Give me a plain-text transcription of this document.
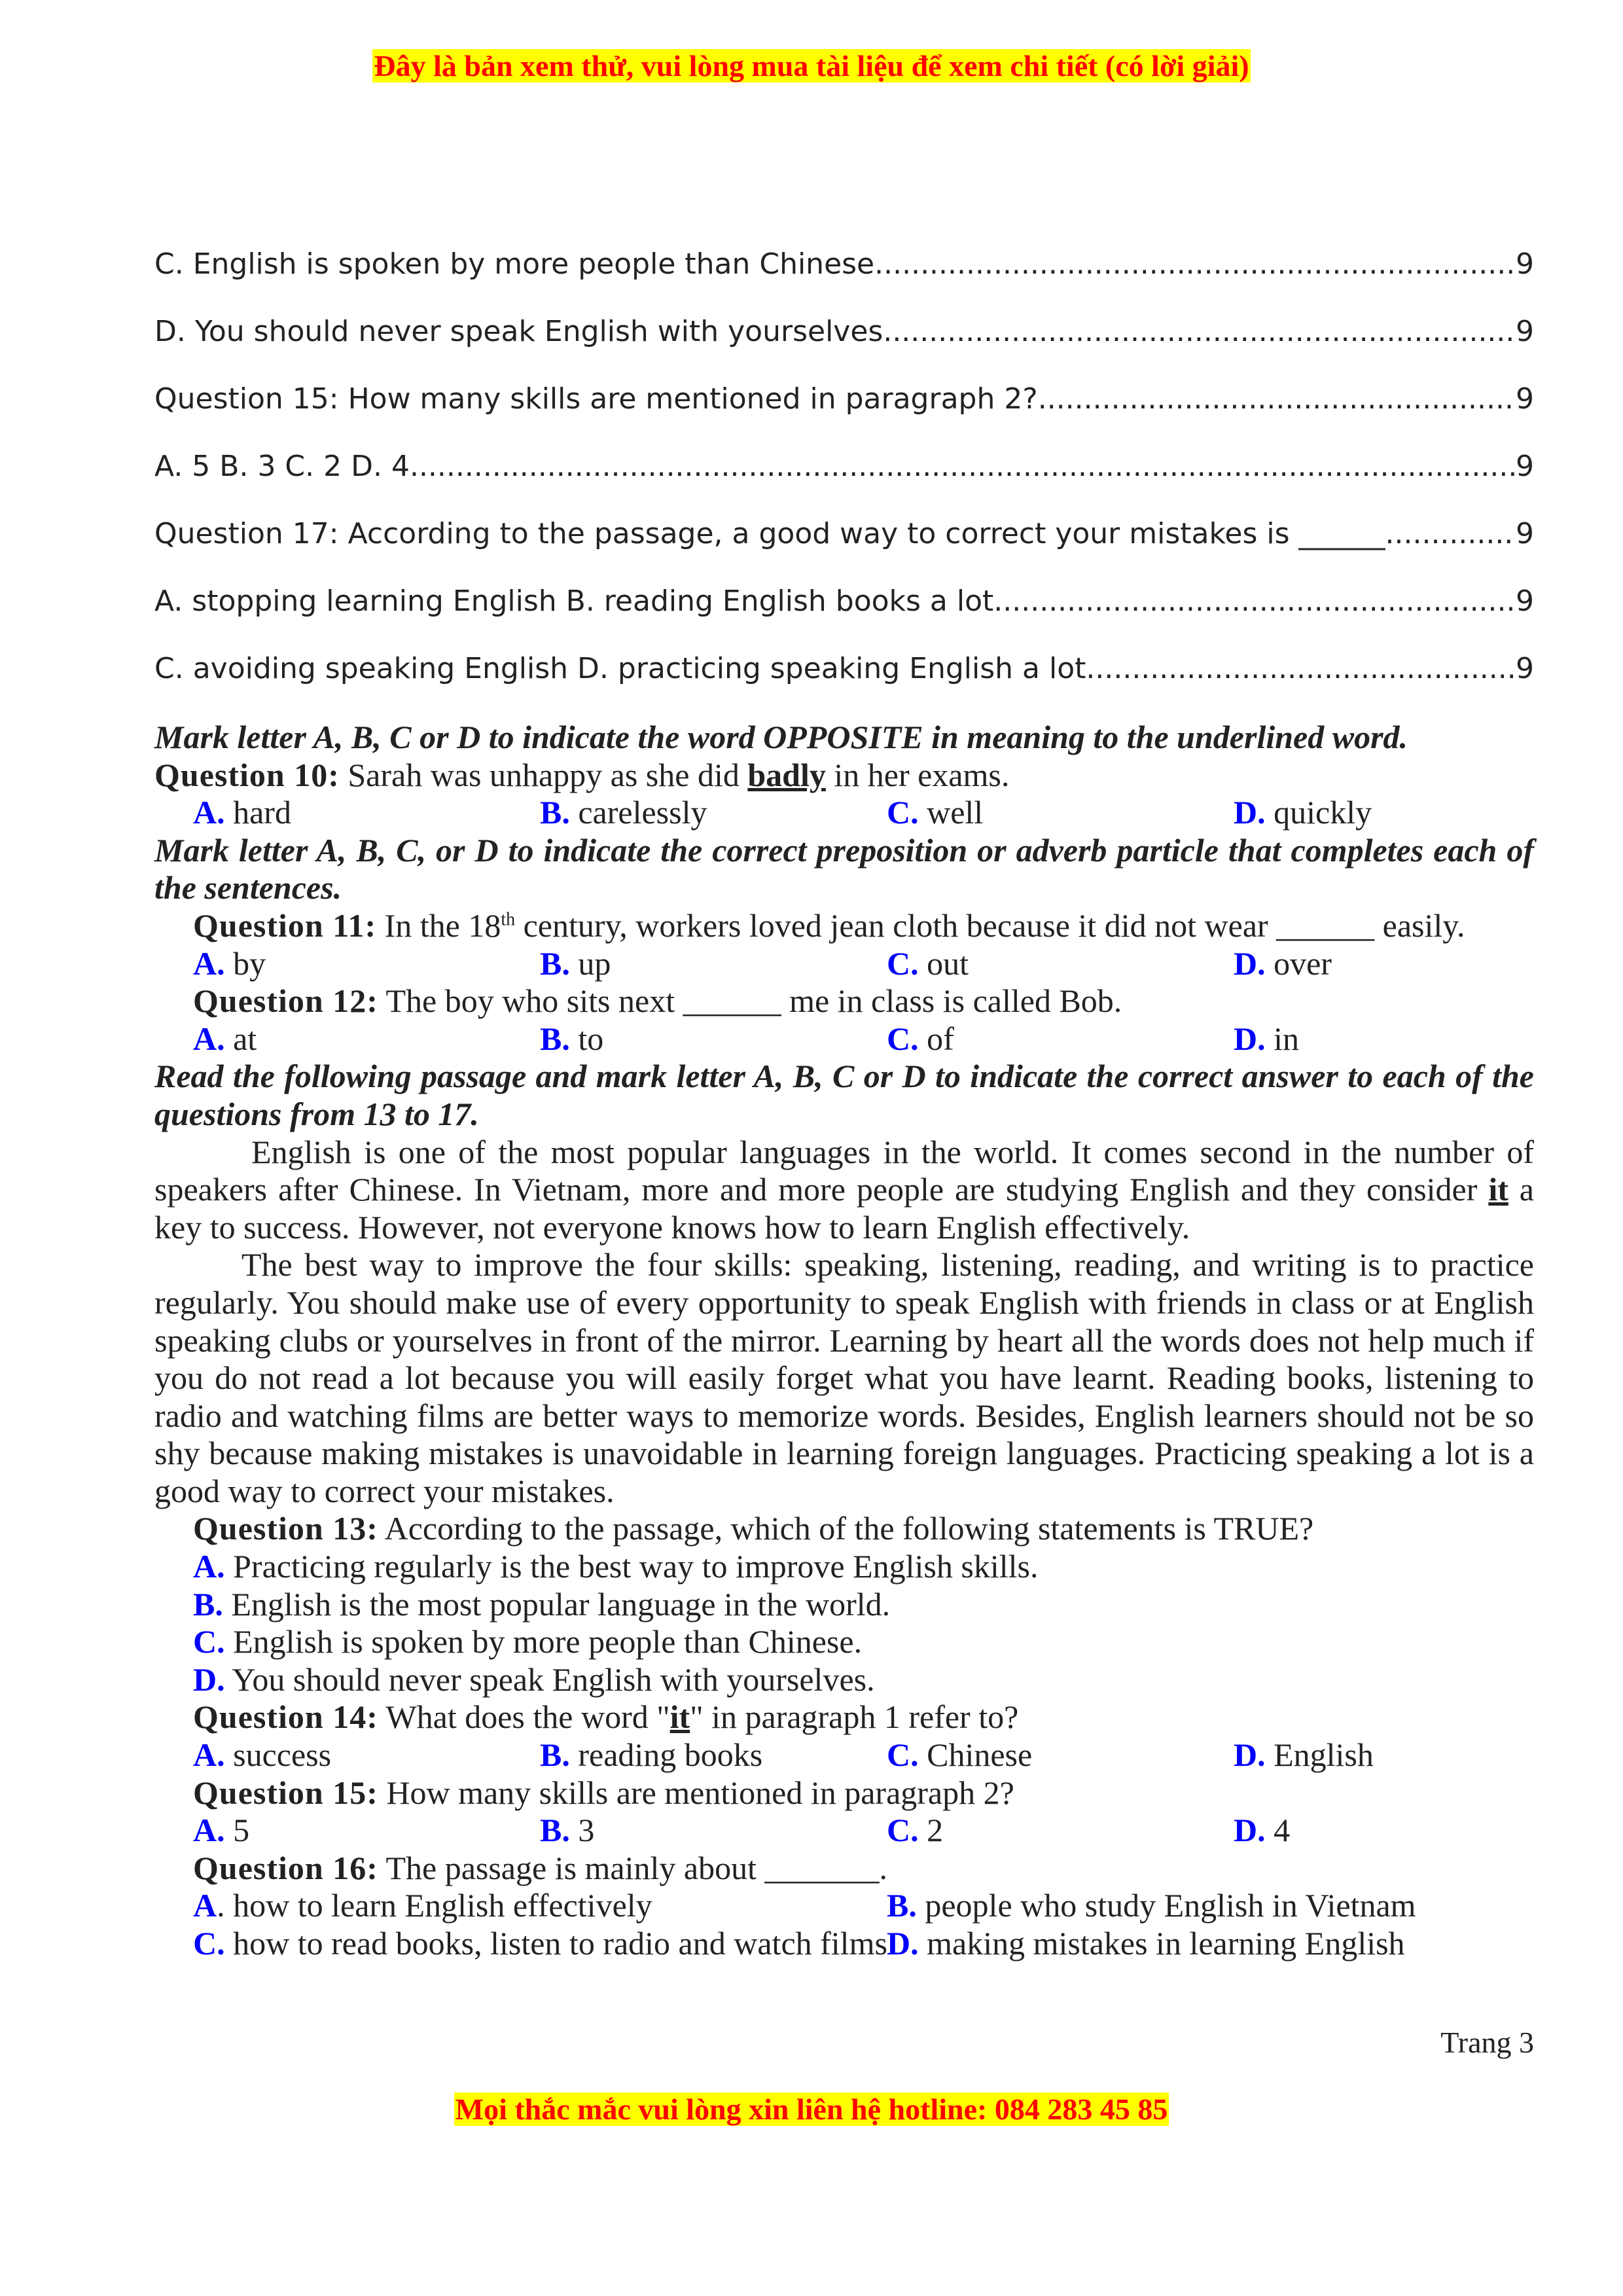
Đây là bản xem thử, vui lòng mua tài liệu để xem chi tiết (có lời giải)
C. English is spoken by more people than Chinese. .....	9
D. You should never speak English with yourselves. .....	9
Question 15: How many skills are mentioned in paragraph 2? .....	9
A. 5 B. 3 C. 2 D. 4 .....	9
Question 17: According to the passage, a good way to correct your mistakes is ______. .....	9
A. stopping learning English B. reading English books a lot .....	9
C. avoiding speaking English D. practicing speaking English a lot .....	9
Mark letter A, B, C or D to indicate the word OPPOSITE in meaning to the underlined word.
Question 10: Sarah was unhappy as she did badly in her exams.
A. hard	B. carelessly	C. well	D. quickly
Mark letter A, B, C, or D to indicate the correct preposition or adverb particle that completes each of the sentences.
Question 11: In the 18th century, workers loved jean cloth because it did not wear ______ easily.
A. by	B. up	C. out	D. over
Question 12: The boy who sits next ______ me in class is called Bob.
A. at	B. to	C. of	D. in
Read the following passage and mark letter A, B, C or D to indicate the correct answer to each of the questions from 13 to 17.
English is one of the most popular languages in the world. It comes second in the number of speakers after Chinese. In Vietnam, more and more people are studying English and they consider it a key to success. However, not everyone knows how to learn English effectively.
The best way to improve the four skills: speaking, listening, reading, and writing is to practice regularly. You should make use of every opportunity to speak English with friends in class or at English speaking clubs or yourselves in front of the mirror. Learning by heart all the words does not help much if you do not read a lot because you will easily forget what you have learnt. Reading books, listening to radio and watching films are better ways to memorize words. Besides, English learners should not be so shy because making mistakes is unavoidable in learning foreign languages. Practicing speaking a lot is a good way to correct your mistakes.
Question 13: According to the passage, which of the following statements is TRUE?
A. Practicing regularly is the best way to improve English skills.
B. English is the most popular language in the world.
C. English is spoken by more people than Chinese.
D. You should never speak English with yourselves.
Question 14: What does the word "it" in paragraph 1 refer to?
A. success	B. reading books	C. Chinese	D. English
Question 15: How many skills are mentioned in paragraph 2?
A. 5	B. 3	C. 2	D. 4
Question 16: The passage is mainly about _______.
A. how to learn English effectively	B. people who study English in Vietnam
C. how to read books, listen to radio and watch films D. making mistakes in learning English
Trang 3
Mọi thắc mắc vui lòng xin liên hệ hotline: 084 283 45 85
